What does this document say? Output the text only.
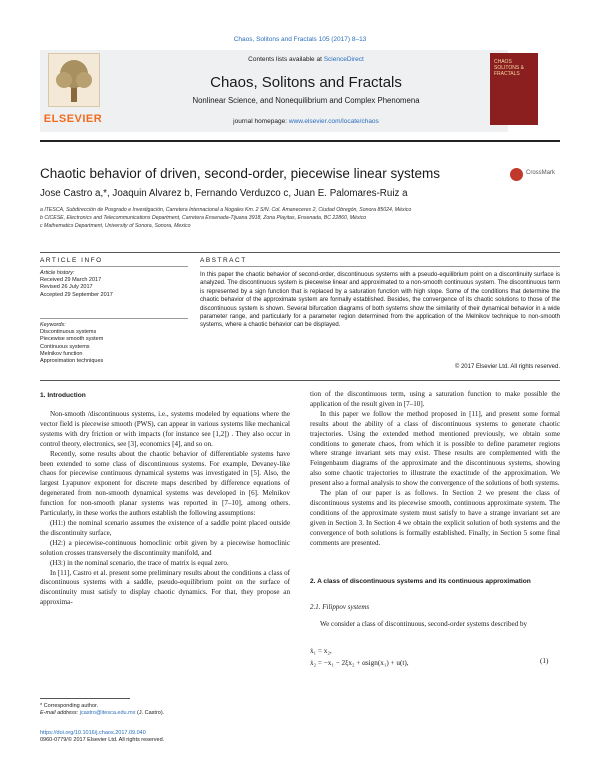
Chaos, Solitons and Fractals 105 (2017) 8–13
ELSEVIER
Contents lists available at ScienceDirect
Chaos, Solitons and Fractals
Nonlinear Science, and Nonequilibrium and Complex Phenomena
journal homepage: www.elsevier.com/locate/chaos
CHAOS SOLITONS & FRACTALS
Chaotic behavior of driven, second-order, piecewise linear systems	CrossMark
Jose Castro a,*, Joaquin Alvarez b, Fernando Verduzco c, Juan E. Palomares-Ruiz a
a ITESCA, Subdirección de Posgrado e Investigación, Carretera Internacional a Nogales Km. 2 S/N. Col. Amaneceres 2, Ciudad Obregón, Sonora 85024, México
b CICESE, Electronics and Telecommunications Department, Carretera Ensenada-Tijuana 3918, Zona Playitas, Ensenada, BC 22860, México
c Mathematics Department, University of Sonora, Sonora, Mexico
ARTICLE INFO	ABSTRACT
Article history:
Received 29 March 2017
Revised 26 July 2017
Accepted 29 September 2017
Keywords:
Discontinuous systems
Piecewise smooth system
Continuous systems
Melnikov function
Approximation techniques
In this paper the chaotic behavior of second-order, discontinuous systems with a pseudo-equilibrium point on a discontinuity surface is analyzed. The discontinuous system is piecewise linear and approximated to a non-smooth continuous system. The discontinuous term is represented by a sign function that is replaced by a saturation function with high slope. Some of the conditions that determine the chaotic behavior of the approximate system are formally established. Besides, the convergence of its chaotic solutions to those of the discontinuous system is shown. Several bifurcation diagrams of both systems show the similarity of their dynamical behavior in a wide parameter range, and particularly for a parameter region determined from the application of the Melnikov technique to non-smooth systems, where a chaotic behavior can be displayed.
© 2017 Elsevier Ltd. All rights reserved.
1. Introduction

Non-smooth /discontinuous systems, i.e., systems modeled by equations where the vector field is piecewise smooth (PWS), can appear in various systems like mechanical systems with dry friction or with impacts (for instance see [1,2]) . They also occur in control theory, electronics, see [3], economics [4], and so on.

Recently, some results about the chaotic behavior of differentiable systems have been extended to some class of discontinuous systems. For example, Devaney-like chaos for piecewise continuous dynamical systems was investigated in [5]. Also, the largest Lyapunov exponent for discrete maps described by difference equations of degenerated from non-smooth dynamical systems was developed in [6]. Melnikov function for non-smooth planar systems was reported in [7–10], among others. Particularly, in these works the authors establish the following assumptions:

(H1:) the nominal scenario assumes the existence of a saddle point placed outside the discontinuity surface,

(H2:) a piecewise-continuous homoclinic orbit given by a piecewise homoclinic solution crosses transversely the discontinuity manifold, and

(H3:) in the nominal scenario, the trace of matrix is equal zero.

In [11], Castro et al. present some preliminary results about the conditions a class of discontinuous systems with a saddle, pseudo-equilibrium point on the surface of discontinuity must satisfy to display chaotic dynamics. For that, they propose an approxima-

tion of the discontinuous term, using a saturation function to make possible the application of the result given in [7–10].

In this paper we follow the method proposed in [11], and present some formal results about the ability of a class of discontinuous systems to generate chaotic trajectories. Using the extended method mentioned previously, we obtain some conditions to generate chaos, from which it is possible to define parameter regions where strange invariant sets may exist. These results are complemented with the Feingenbaum diagrams of the approximate and the discontinuous systems, showing also some chaotic trajectories to illustrate the exactitude of the approximation. We present also a formal analysis to show the convergence of the solutions of both systems.

The plan of our paper is as follows. In Section 2 we present the class of discontinuous systems and its piecewise smooth, continuous approximate system. The conditions of the approximate system must satisfy to have a strange invariant set are given in Section 3. In Section 4 we obtain the explicit solution of both systems and the convergence of both solutions is formally established. Finally, in Section 5 some final comments are presented.

2. A class of discontinuous systems and its continuous approximation
2.1. Filippov systems

We consider a class of discontinuous, second-order systems described by

ẋ₁ = x₂,
ẋ₂ = −x₁ − 2ξx₂ + αsign(x₁) + u(t),	(1)
* Corresponding author.
E-mail address: jcastro@itesca.edu.mx (J. Castro).
https://doi.org/10.1016/j.chaos.2017.09.040
0960-0779/© 2017 Elsevier Ltd. All rights reserved.
